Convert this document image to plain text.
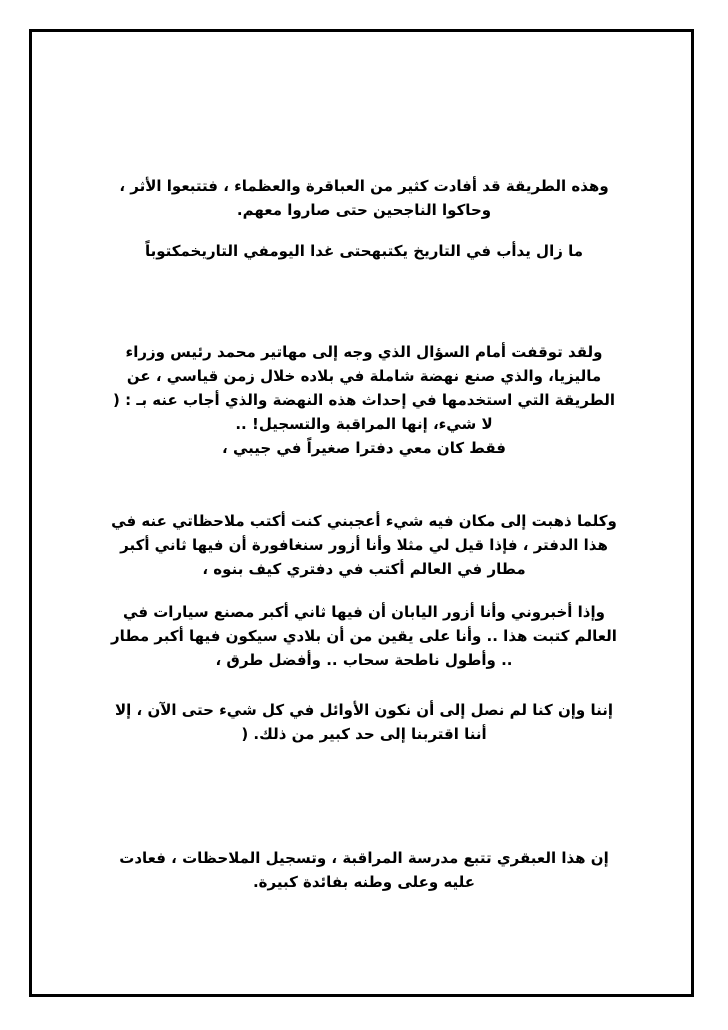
وهذه الطريقة قد أفادت كثير من العباقرة والعظماء ، فتتبعوا الأثر ،
وحاكوا الناجحين حتى صاروا معهم.
ما زال يدأب في التاريخ يكتبهحتى غدا اليومفي التاريخمكتوباً
ولقد توقفت أمام السؤال الذي وجه إلى مهاتير محمد رئيس وزراء
ماليزيا، والذي صنع نهضة شاملة في بلاده خلال زمن قياسي ، عن
الطريقة التي استخدمها في إحداث هذه النهضة والذي أجاب عنه بـ : (
لا شيء، إنها المراقبة والتسجيل! ..
فقط كان معي دفترا صغيراً في جيبي ،
وكلما ذهبت إلى مكان فيه شيء أعجبني كنت أكتب ملاحظاتي عنه في
هذا الدفتر ، فإذا قيل لي مثلا وأنا أزور سنغافورة أن فيها ثاني أكبر
مطار في العالم أكتب في دفتري كيف بنوه ،
وإذا أخبروني وأنا أزور اليابان أن فيها ثاني أكبر مصنع سيارات في
العالم كتبت هذا .. وأنا على يقين من أن بلادي سيكون فيها أكبر مطار
.. وأطول ناطحة سحاب .. وأفضل طرق ،
إننا وإن كنا لم نصل إلى أن نكون الأوائل في كل شيء حتى الآن ، إلا
أننا اقتربنا إلى حد كبير من ذلك. (
إن هذا العبقري تتبع مدرسة المراقبة ، وتسجيل الملاحظات ، فعادت
عليه وعلى وطنه بفائدة كبيرة.
